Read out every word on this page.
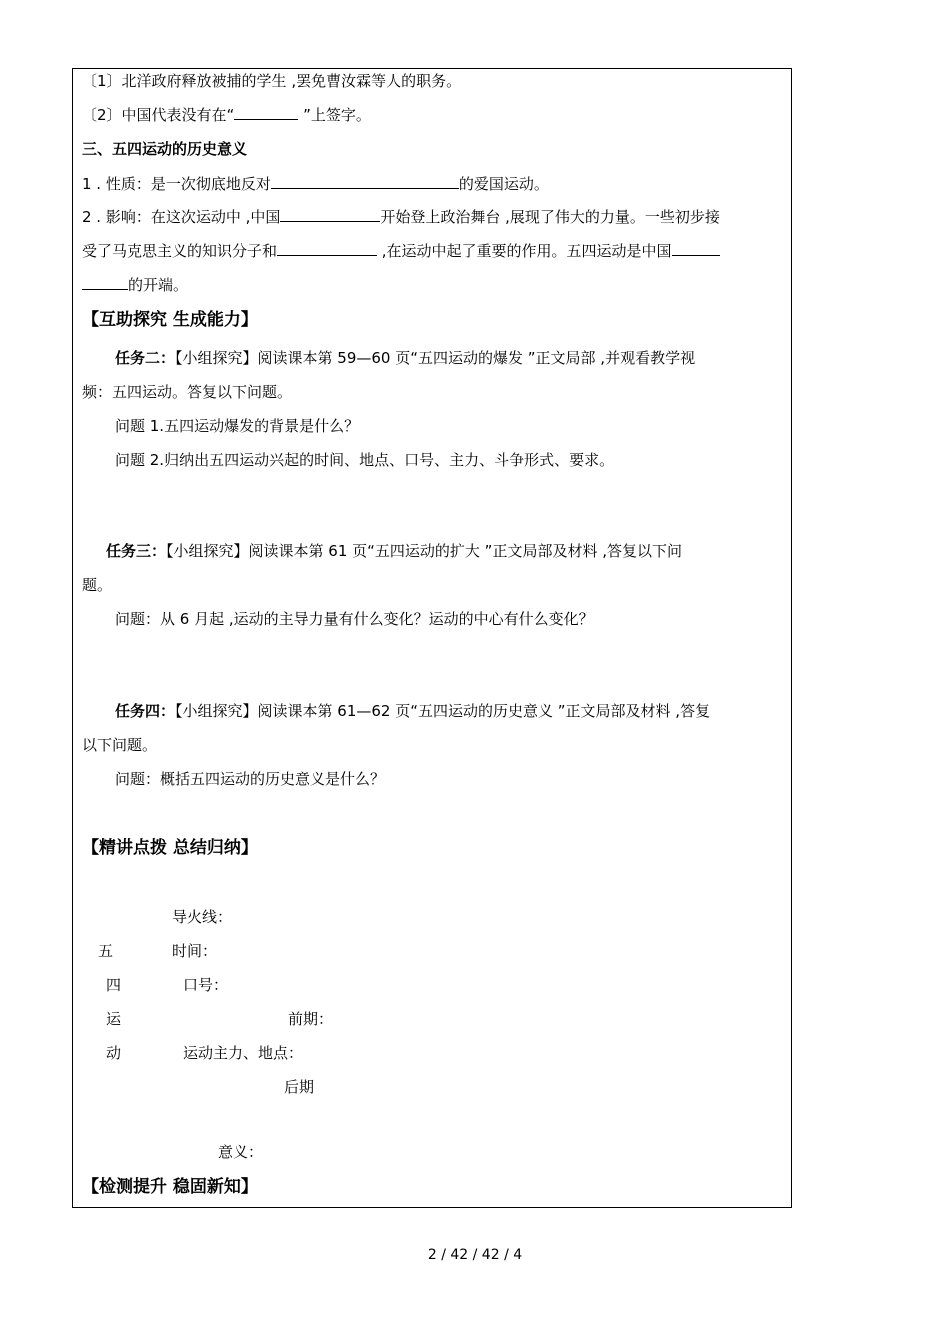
〔1〕北洋政府释放被捕的学生 ,罢免曹汝霖等人的职务。
〔2〕中国代表没有在“	”上签字。
三、五四运动的历史意义
1 . 性质：是一次彻底地反对	的爱国运动。
2 . 影响：在这次运动中 ,中国	开始登上政治舞台 ,展现了伟大的力量。一些初步接
受了马克思主义的知识分子和	,在运动中起了重要的作用。五四运动是中国
的开端。
【互助探究 生成能力】
任务二：【小组探究】阅读课本第 59—60 页“五四运动的爆发 ”正文局部 ,并观看教学视
频：五四运动。答复以下问题。
问题 1.五四运动爆发的背景是什么？
问题 2.归纳出五四运动兴起的时间、地点、口号、主力、斗争形式、要求。
任务三：【小组探究】阅读课本第 61 页“五四运动的扩大 ”正文局部及材料 ,答复以下问
题。
问题：从 6 月起 ,运动的主导力量有什么变化？运动的中心有什么变化？
任务四：【小组探究】阅读课本第 61—62 页“五四运动的历史意义 ”正文局部及材料 ,答复
以下问题。
问题：概括五四运动的历史意义是什么？
【精讲点拨 总结归纳】
导火线：
五	时间：
四	口号：
运	前期：
动	运动主力、地点：
后期
意义：
【检测提升 稳固新知】
2 / 42 / 42 / 4
